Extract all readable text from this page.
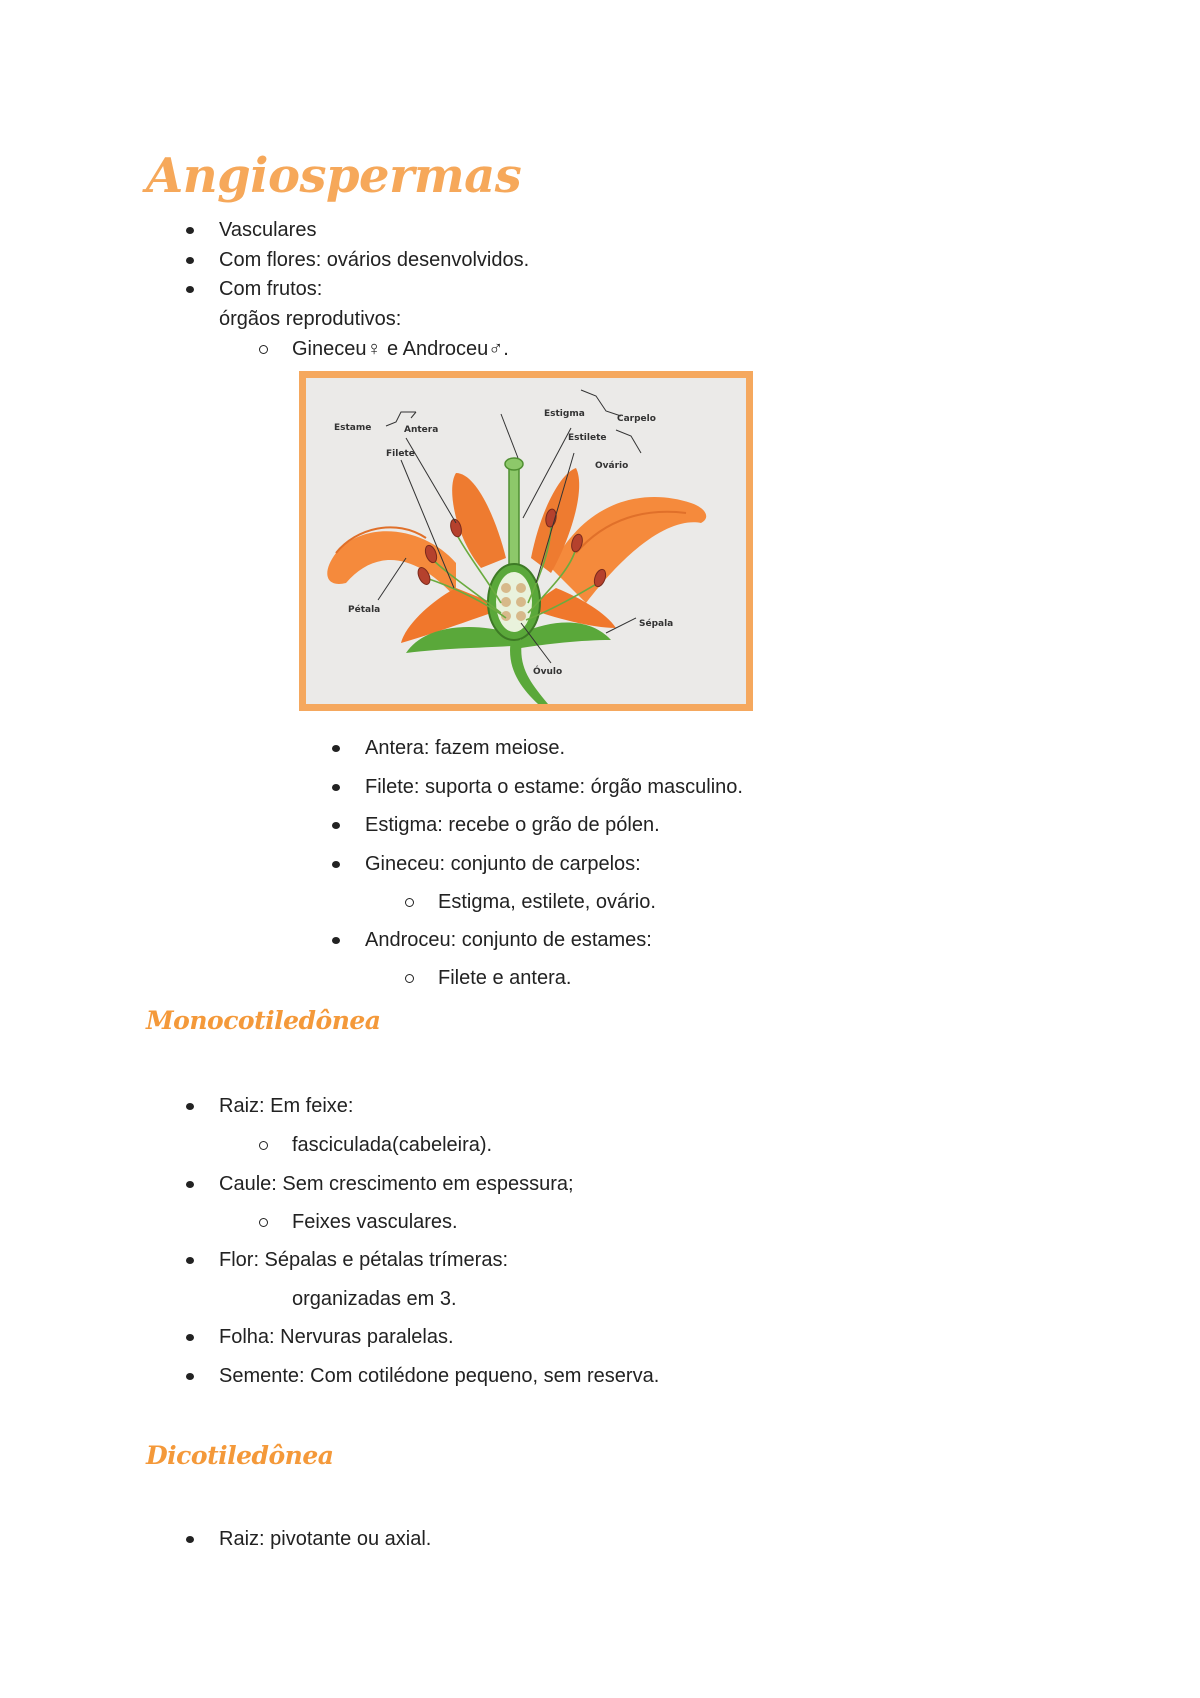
Angiospermas
Vasculares
Com flores: ovários desenvolvidos.
Com frutos:
órgãos reprodutivos:
Gineceu♀ e Androceu♂.
Estame	Antera
Filete
Estigma
Estilete
Ovário
Carpelo
Pétala
Sépala
Óvulo
Antera: fazem meiose.
Filete: suporta o estame: órgão masculino.
Estigma: recebe o grão de pólen.
Gineceu: conjunto de carpelos:
Estigma, estilete, ovário.
Androceu: conjunto de estames:
Filete e antera.
Monocotiledônea
Raiz: Em feixe:
fasciculada(cabeleira).
Caule: Sem crescimento em espessura;
Feixes vasculares.
Flor: Sépalas e pétalas trímeras:
organizadas em 3.
Folha: Nervuras paralelas.
Semente: Com cotilédone pequeno, sem reserva.
Dicotiledônea
Raiz: pivotante ou axial.
